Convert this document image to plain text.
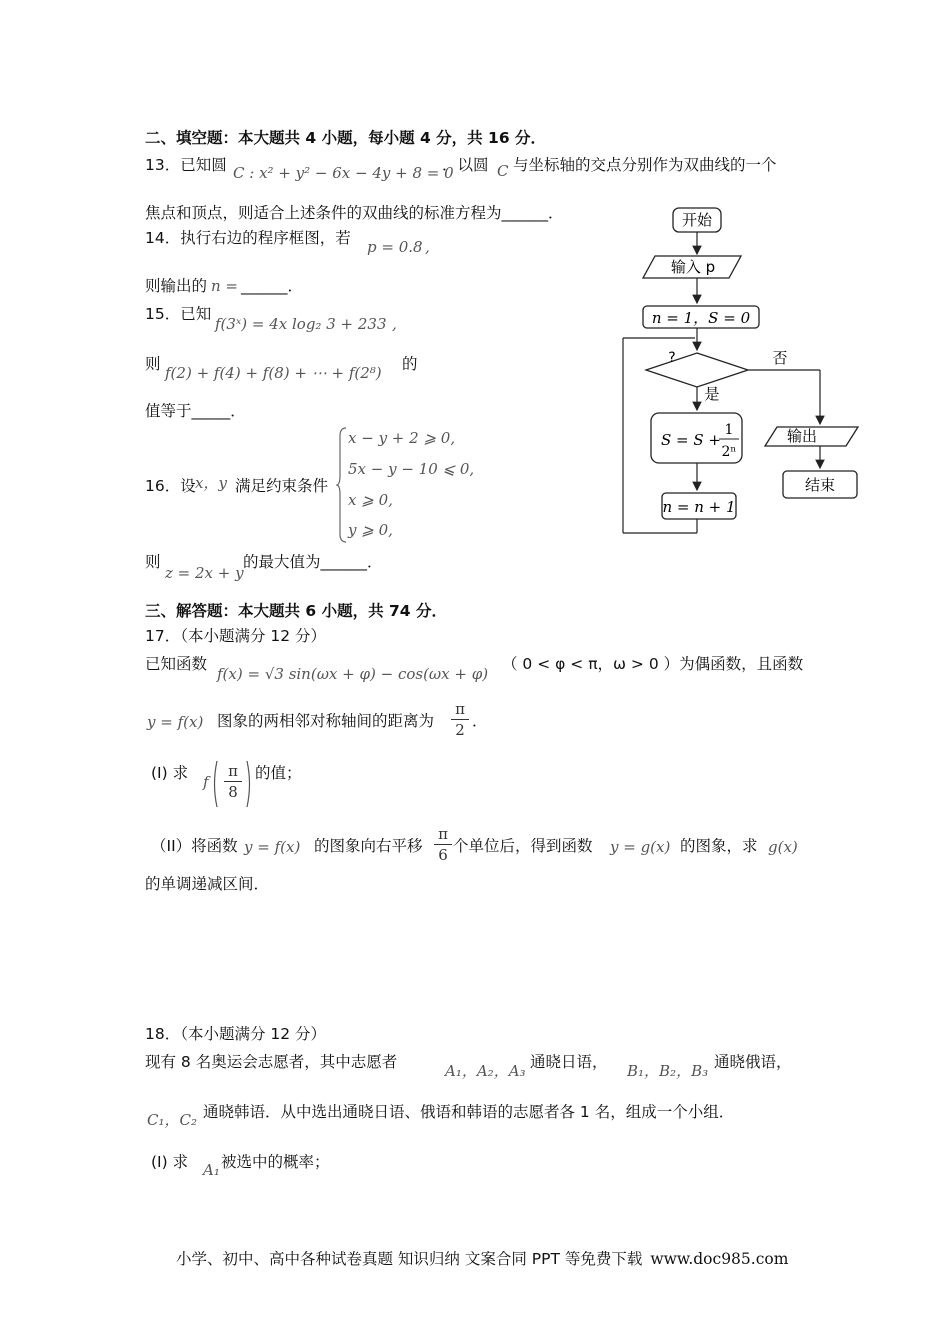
二、填空题：本大题共 4 小题，每小题 4 分，共 16 分．
13．已知圆 C : x² + y² − 6x − 4y + 8 = 0
．以圆 C 与坐标轴的交点分别作为双曲线的一个
焦点和顶点，则适合上述条件的双曲线的标准方程为______．
14．执行右边的程序框图，若 p = 0.8 ,
则输出的 n = ______．
15．已知
f(3ˣ) = 4x log₂ 3 + 233 ,
则 f(2) + f(4) + f(8) + ⋯ + f(2⁸) 的
值等于_____．
16．设 x，y 满足约束条件
x − y + 2 ⩾ 0,
5x − y − 10 ⩽ 0,
x ⩾ 0,
y ⩾ 0,
则
z = 2x + y
的最大值为______．
三、解答题：本大题共 6 小题，共 74 分．
17．（本小题满分 12 分）
已知函数
f(x) = √3 sin(ωx + φ) − cos(ωx + φ)
（ 0 < φ < π，ω > 0 ）为偶函数，且函数
y = f(x) 图象的两相邻对称轴间的距离为
π
2 ．
(I) 求 f
π
8
的值；
（II）将函数 y = f(x) 的图象向右平移
π
6 个单位后，得到函数 y = g(x) 的图象，求 g(x)
的单调递减区间．
18．（本小题满分 12 分）
现有 8 名奥运会志愿者，其中志愿者	A₁，A₂，A₃ 通晓日语， B₁，B₂，B₃ 通晓俄语，
C₁，C₂ 通晓韩语．从中选出通晓日语、俄语和韩语的志愿者各 1 名，组成一个小组．
(I) 求 A₁ 被选中的概率；
开始
输入 p
n = 1，S = 0
?	否
是
S = S +
1
2ⁿ
n = n + 1
输出
结束
小学、初中、高中各种试卷真题 知识归纳 文案合同 PPT 等免费下载 www.doc985.com
